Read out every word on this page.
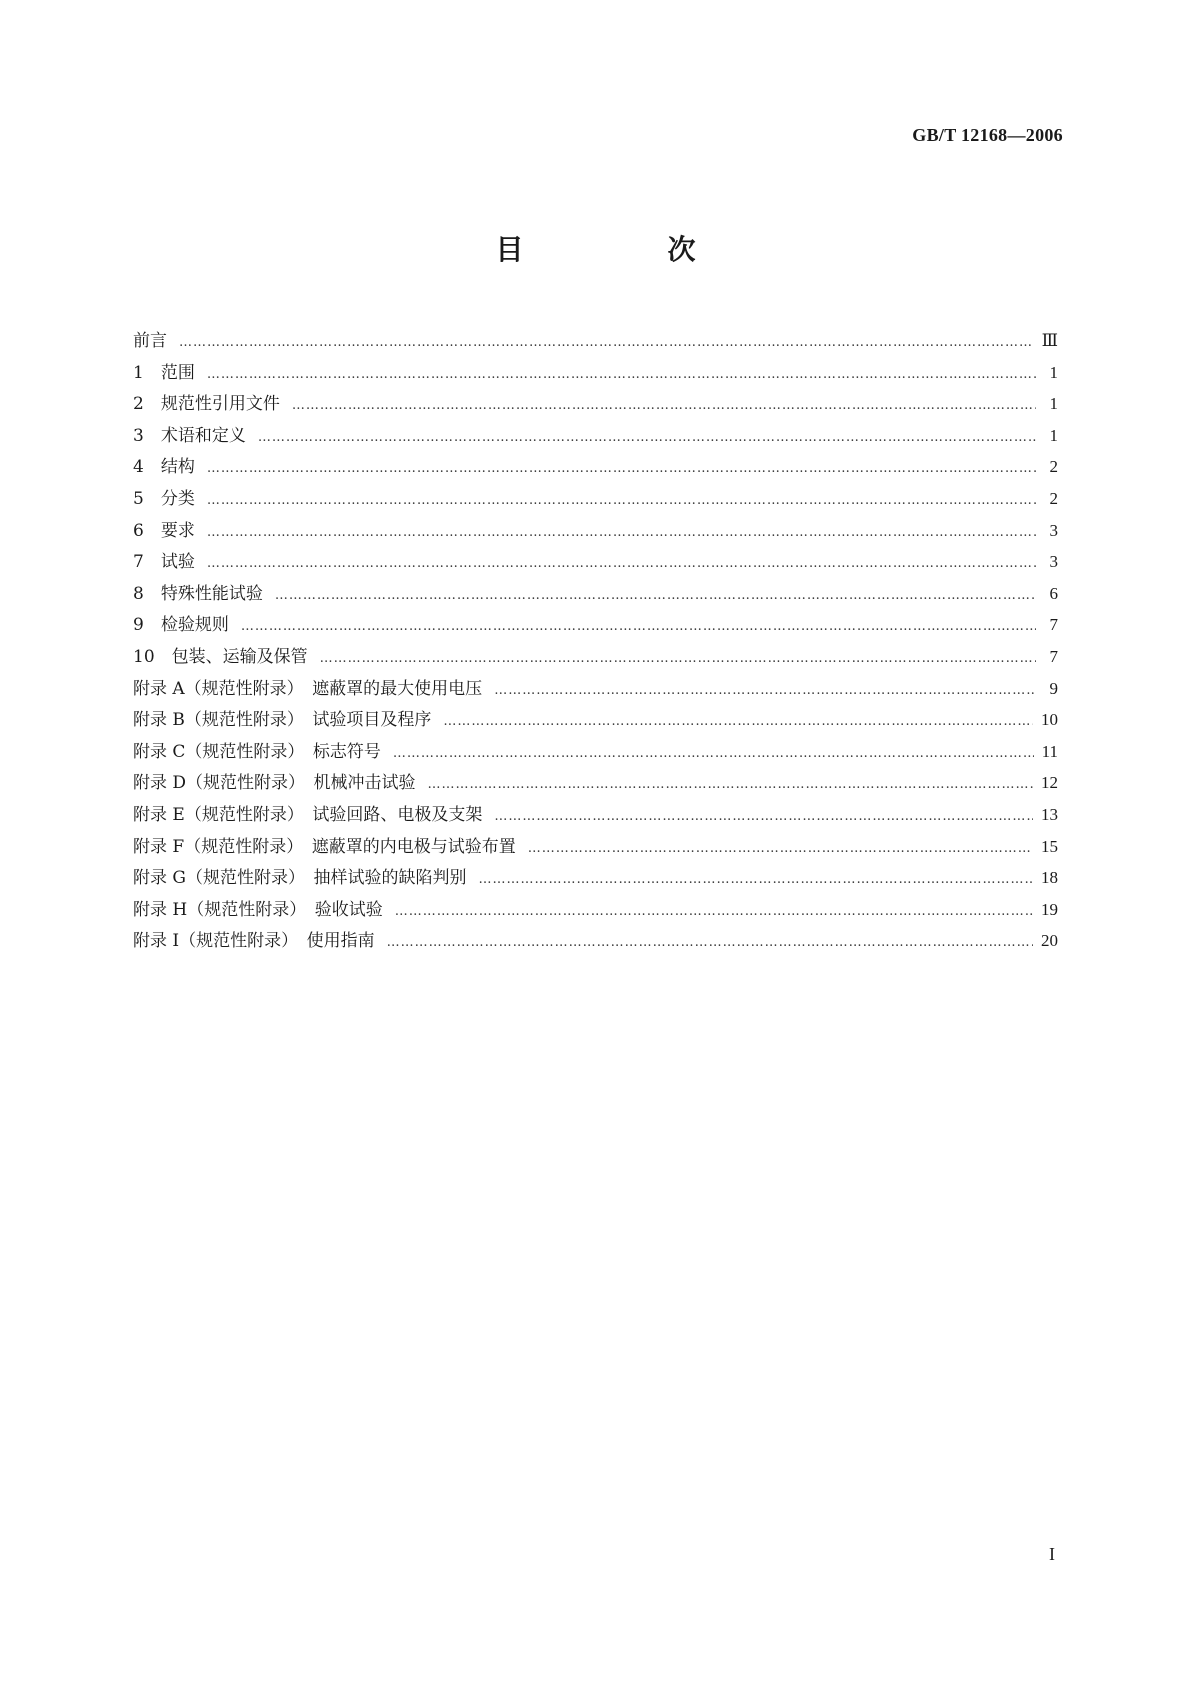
GB/T 12168—2006
目　次
前言 ……………………………………………………………………………………………………………………………………………………………………………………………………………………………………	Ⅲ
1　范围 ……………………………………………………………………………………………………………………………………………………………………………………………………………………………………	1
2　规范性引用文件 ……………………………………………………………………………………………………………………………………………………………………………………………………………………………………	1
3　术语和定义 ……………………………………………………………………………………………………………………………………………………………………………………………………………………………………	1
4　结构 ……………………………………………………………………………………………………………………………………………………………………………………………………………………………………	2
5　分类 ……………………………………………………………………………………………………………………………………………………………………………………………………………………………………	2
6　要求 ……………………………………………………………………………………………………………………………………………………………………………………………………………………………………	3
7　试验 ……………………………………………………………………………………………………………………………………………………………………………………………………………………………………	3
8　特殊性能试验 ……………………………………………………………………………………………………………………………………………………………………………………………………………………………………	6
9　检验规则 ……………………………………………………………………………………………………………………………………………………………………………………………………………………………………	7
10　包装、运输及保管 ……………………………………………………………………………………………………………………………………………………………………………………………………………………………………	7
附录 A（规范性附录）　遮蔽罩的最大使用电压 ……………………………………………………………………………………………………………………………………………………………………………………………………………………………………	9
附录 B（规范性附录）　试验项目及程序 ……………………………………………………………………………………………………………………………………………………………………………………………………………………………………	10
附录 C（规范性附录）　标志符号 ……………………………………………………………………………………………………………………………………………………………………………………………………………………………………	11
附录 D（规范性附录）　机械冲击试验 ……………………………………………………………………………………………………………………………………………………………………………………………………………………………………	12
附录 E（规范性附录）　试验回路、电极及支架 ……………………………………………………………………………………………………………………………………………………………………………………………………………………………………	13
附录 F（规范性附录）　遮蔽罩的内电极与试验布置 ……………………………………………………………………………………………………………………………………………………………………………………………………………………………………	15
附录 G（规范性附录）　抽样试验的缺陷判别 ……………………………………………………………………………………………………………………………………………………………………………………………………………………………………	18
附录 H（规范性附录）　验收试验 ……………………………………………………………………………………………………………………………………………………………………………………………………………………………………	19
附录 I（规范性附录）　使用指南 ……………………………………………………………………………………………………………………………………………………………………………………………………………………………………	20
I
